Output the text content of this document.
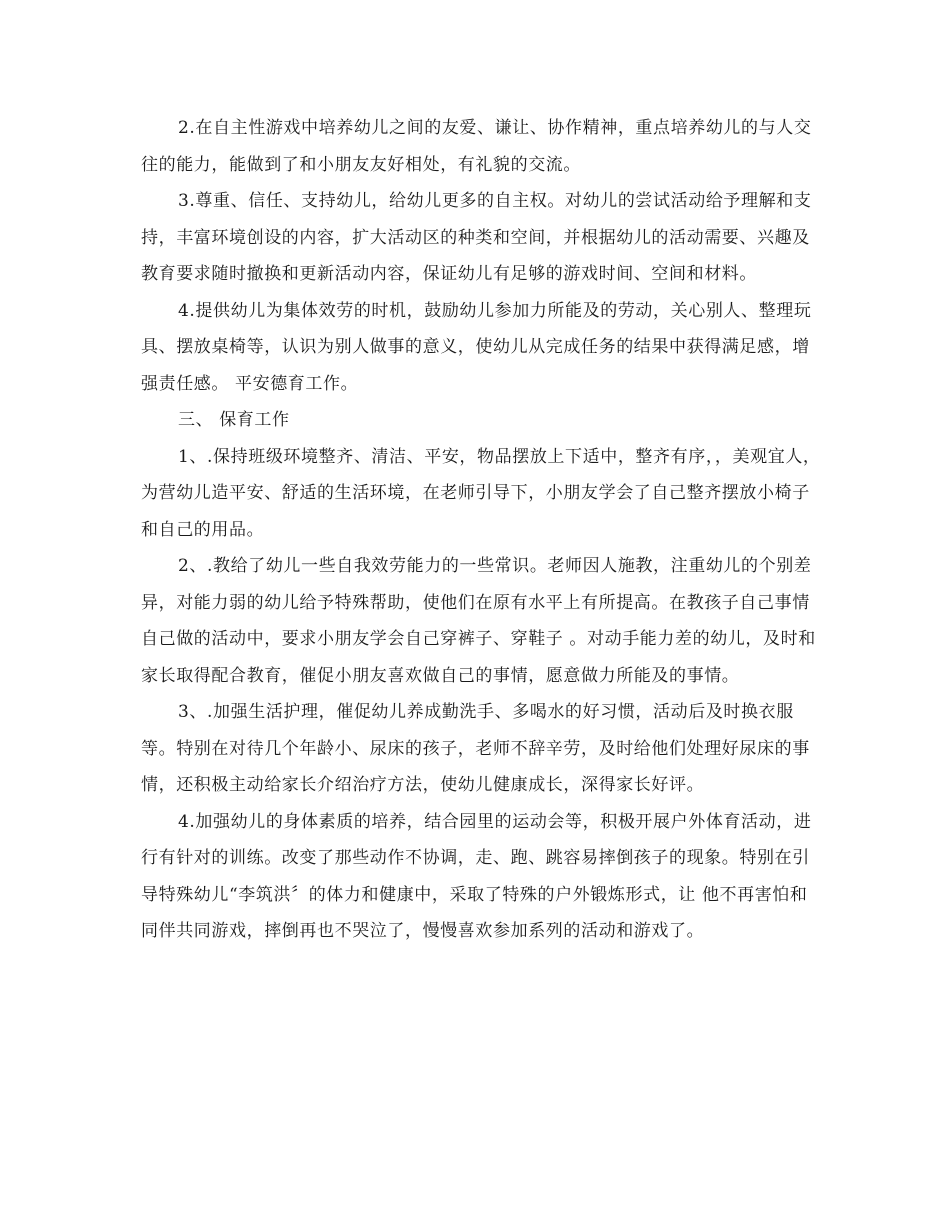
2.在自主性游戏中培养幼儿之间的友爱、谦让、协作精神，重点培养幼儿的与人交往的能力，能做到了和小朋友友好相处，有礼貌的交流。

3.尊重、信任、支持幼儿，给幼儿更多的自主权。对幼儿的尝试活动给予理解和支持，丰富环境创设的内容，扩大活动区的种类和空间，并根据幼儿的活动需要、兴趣及教育要求随时撤换和更新活动内容，保证幼儿有足够的游戏时间、空间和材料。

4.提供幼儿为集体效劳的时机，鼓励幼儿参加力所能及的劳动，关心别人、整理玩具、摆放桌椅等，认识为别人做事的意义，使幼儿从完成任务的结果中获得满足感，增强责任感。 平安德育工作。

三、 保育工作

1、.保持班级环境整齐、清洁、平安，物品摆放上下适中，整齐有序，，美观宜人，为营幼儿造平安、舒适的生活环境，在老师引导下，小朋友学会了自己整齐摆放小椅子和自己的用品。

2、.教给了幼儿一些自我效劳能力的一些常识。老师因人施教，注重幼儿的个别差异，对能力弱的幼儿给予特殊帮助，使他们在原有水平上有所提高。在教孩子自己事情自己做的活动中，要求小朋友学会自己穿裤子、穿鞋子 。对动手能力差的幼儿，及时和家长取得配合教育，催促小朋友喜欢做自己的事情，愿意做力所能及的事情。

3、.加强生活护理，催促幼儿养成勤洗手、多喝水的好习惯，活动后及时换衣服等。特别在对待几个年龄小、尿床的孩子，老师不辞辛劳，及时给他们处理好尿床的事情，还积极主动给家长介绍治疗方法，使幼儿健康成长，深得家长好评。

4.加强幼儿的身体素质的培养，结合园里的运动会等，积极开展户外体育活动，进行有针对的训练。改变了那些动作不协调，走、跑、跳容易摔倒孩子的现象。特别在引导特殊幼儿“李筑洪〞的体力和健康中，采取了特殊的户外锻炼形式，让 他不再害怕和同伴共同游戏，摔倒再也不哭泣了，慢慢喜欢参加系列的活动和游戏了。
